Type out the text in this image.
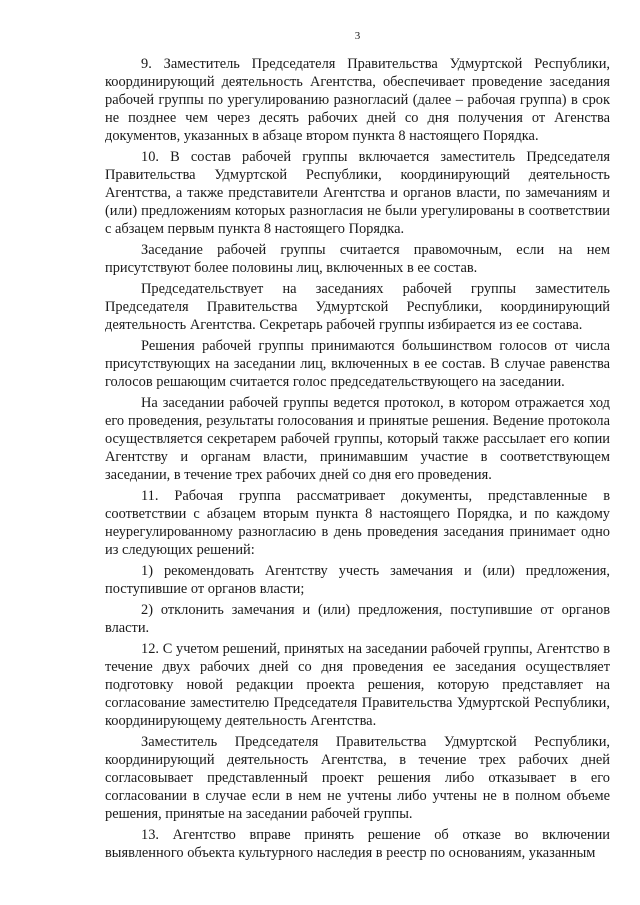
3

9. Заместитель Председателя Правительства Удмуртской Республики, координирующий деятельность Агентства, обеспечивает проведение заседания рабочей группы по урегулированию разногласий (далее – рабочая группа) в срок не позднее чем через десять рабочих дней со дня получения от Агенства документов, указанных в абзаце втором пункта 8 настоящего Порядка.

10. В состав рабочей группы включается заместитель Председателя Правительства Удмуртской Республики, координирующий деятельность Агентства, а также представители Агентства и органов власти, по замечаниям и (или) предложениям которых разногласия не были урегулированы в соответствии с абзацем первым пункта 8 настоящего Порядка.

Заседание рабочей группы считается правомочным, если на нем присутствуют более половины лиц, включенных в ее состав.

Председательствует на заседаниях рабочей группы заместитель Председателя Правительства Удмуртской Республики, координирующий деятельность Агентства. Секретарь рабочей группы избирается из ее состава.

Решения рабочей группы принимаются большинством голосов от числа присутствующих на заседании лиц, включенных в ее состав. В случае равенства голосов решающим считается голос председательствующего на заседании.

На заседании рабочей группы ведется протокол, в котором отражается ход его проведения, результаты голосования и принятые решения. Ведение протокола осуществляется секретарем рабочей группы, который также рассылает его копии Агентству и органам власти, принимавшим участие в соответствующем заседании, в течение трех рабочих дней со дня его проведения.

11. Рабочая группа рассматривает документы, представленные в соответствии с абзацем вторым пункта 8 настоящего Порядка, и по каждому неурегулированному разногласию в день проведения заседания принимает одно из следующих решений:

1) рекомендовать Агентству учесть замечания и (или) предложения, поступившие от органов власти;

2) отклонить замечания и (или) предложения, поступившие от органов власти.

12. С учетом решений, принятых на заседании рабочей группы, Агентство в течение двух рабочих дней со дня проведения ее заседания осуществляет подготовку новой редакции проекта решения, которую представляет на согласование заместителю Председателя Правительства Удмуртской Республики, координирующему деятельность Агентства.

Заместитель Председателя Правительства Удмуртской Республики, координирующий деятельность Агентства, в течение трех рабочих дней согласовывает представленный проект решения либо отказывает в его согласовании в случае если в нем не учтены либо учтены не в полном объеме решения, принятые на заседании рабочей группы.

13. Агентство вправе принять решение об отказе во включении выявленного объекта культурного наследия в реестр по основаниям, указанным
